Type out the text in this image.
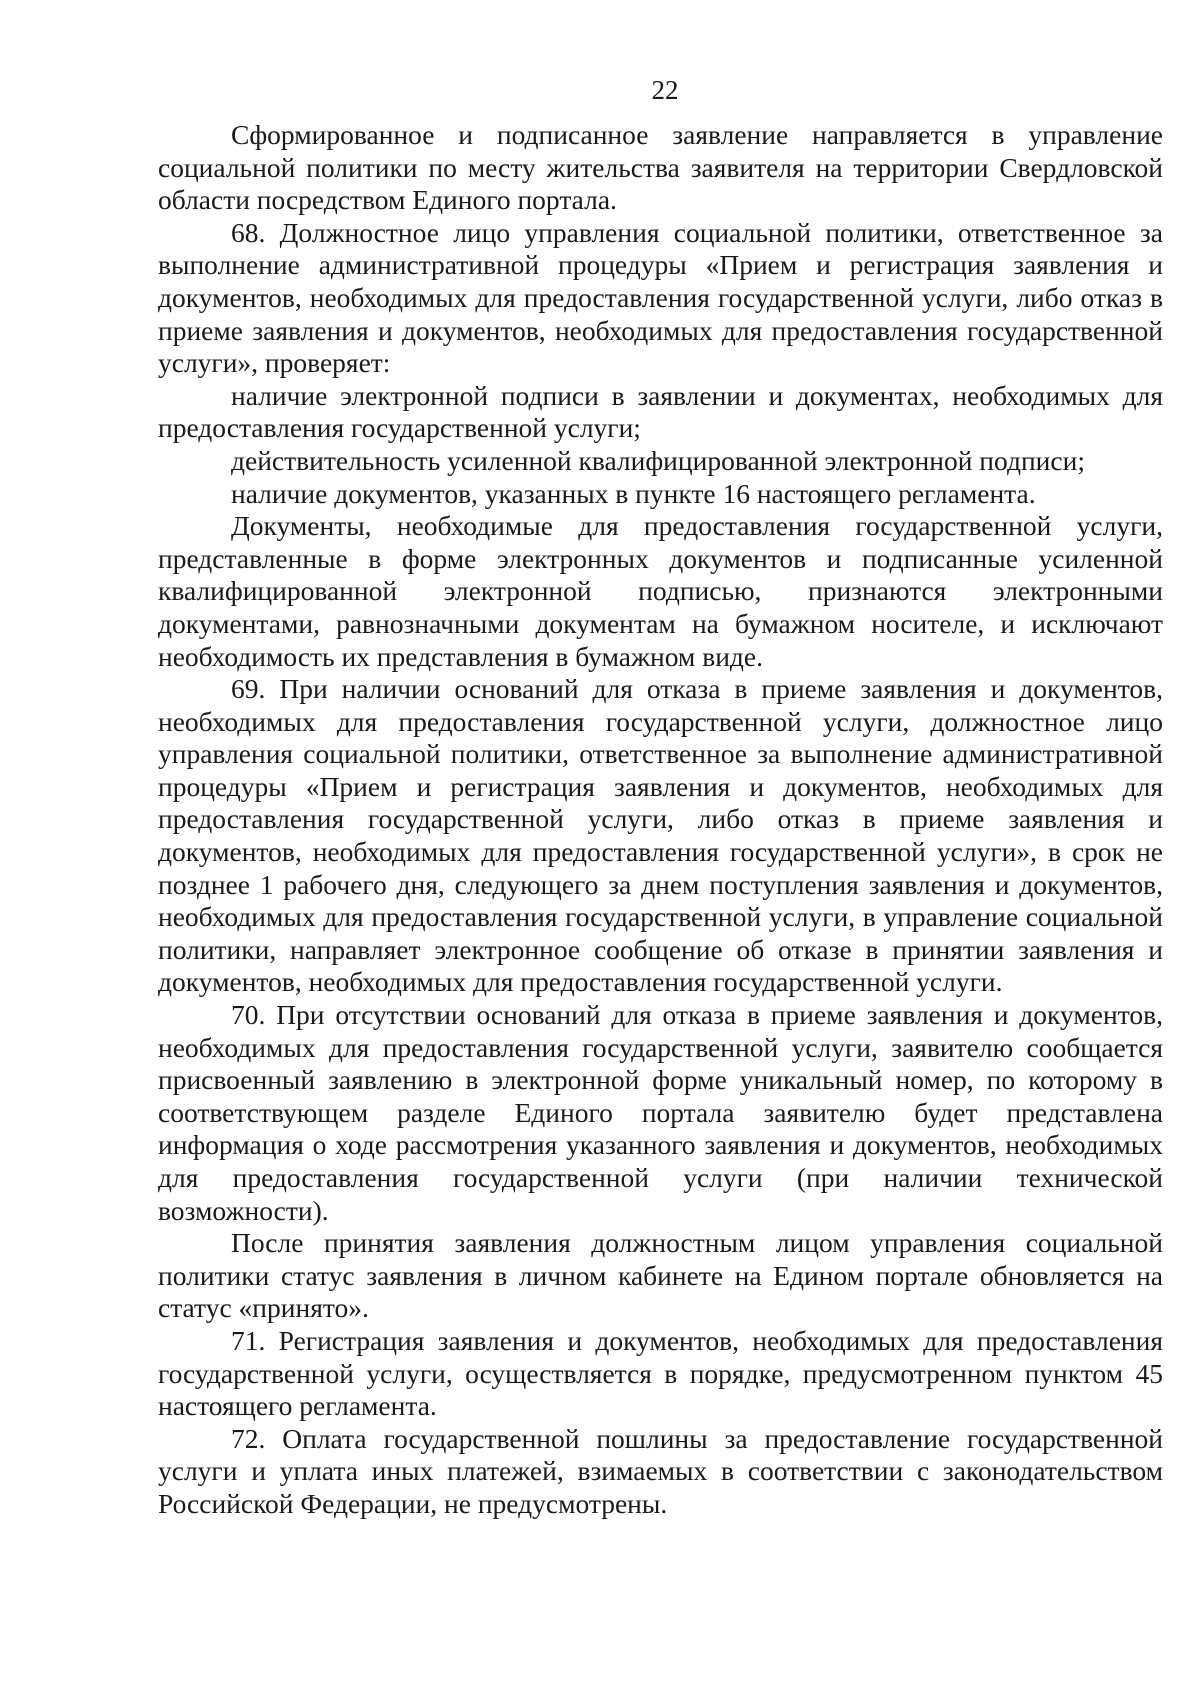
22

Сформированное и подписанное заявление направляется в управление социальной политики по месту жительства заявителя на территории Свердловской области посредством Единого портала.

68. Должностное лицо управления социальной политики, ответственное за выполнение административной процедуры «Прием и регистрация заявления и документов, необходимых для предоставления государственной услуги, либо отказ в приеме заявления и документов, необходимых для предоставления государственной услуги», проверяет:

наличие электронной подписи в заявлении и документах, необходимых для предоставления государственной услуги;

действительность усиленной квалифицированной электронной подписи;

наличие документов, указанных в пункте 16 настоящего регламента.

Документы, необходимые для предоставления государственной услуги, представленные в форме электронных документов и подписанные усиленной квалифицированной электронной подписью, признаются электронными документами, равнозначными документам на бумажном носителе, и исключают необходимость их представления в бумажном виде.

69. При наличии оснований для отказа в приеме заявления и документов, необходимых для предоставления государственной услуги, должностное лицо управления социальной политики, ответственное за выполнение административной процедуры «Прием и регистрация заявления и документов, необходимых для предоставления государственной услуги, либо отказ в приеме заявления и документов, необходимых для предоставления государственной услуги», в срок не позднее 1 рабочего дня, следующего за днем поступления заявления и документов, необходимых для предоставления государственной услуги, в управление социальной политики, направляет электронное сообщение об отказе в принятии заявления и документов, необходимых для предоставления государственной услуги.

70. При отсутствии оснований для отказа в приеме заявления и документов, необходимых для предоставления государственной услуги, заявителю сообщается присвоенный заявлению в электронной форме уникальный номер, по которому в соответствующем разделе Единого портала заявителю будет представлена информация о ходе рассмотрения указанного заявления и документов, необходимых для предоставления государственной услуги (при наличии технической возможности).

После принятия заявления должностным лицом управления социальной политики статус заявления в личном кабинете на Едином портале обновляется на статус «принято».

71. Регистрация заявления и документов, необходимых для предоставления государственной услуги, осуществляется в порядке, предусмотренном пунктом 45 настоящего регламента.

72. Оплата государственной пошлины за предоставление государственной услуги и уплата иных платежей, взимаемых в соответствии с законодательством Российской Федерации, не предусмотрены.
